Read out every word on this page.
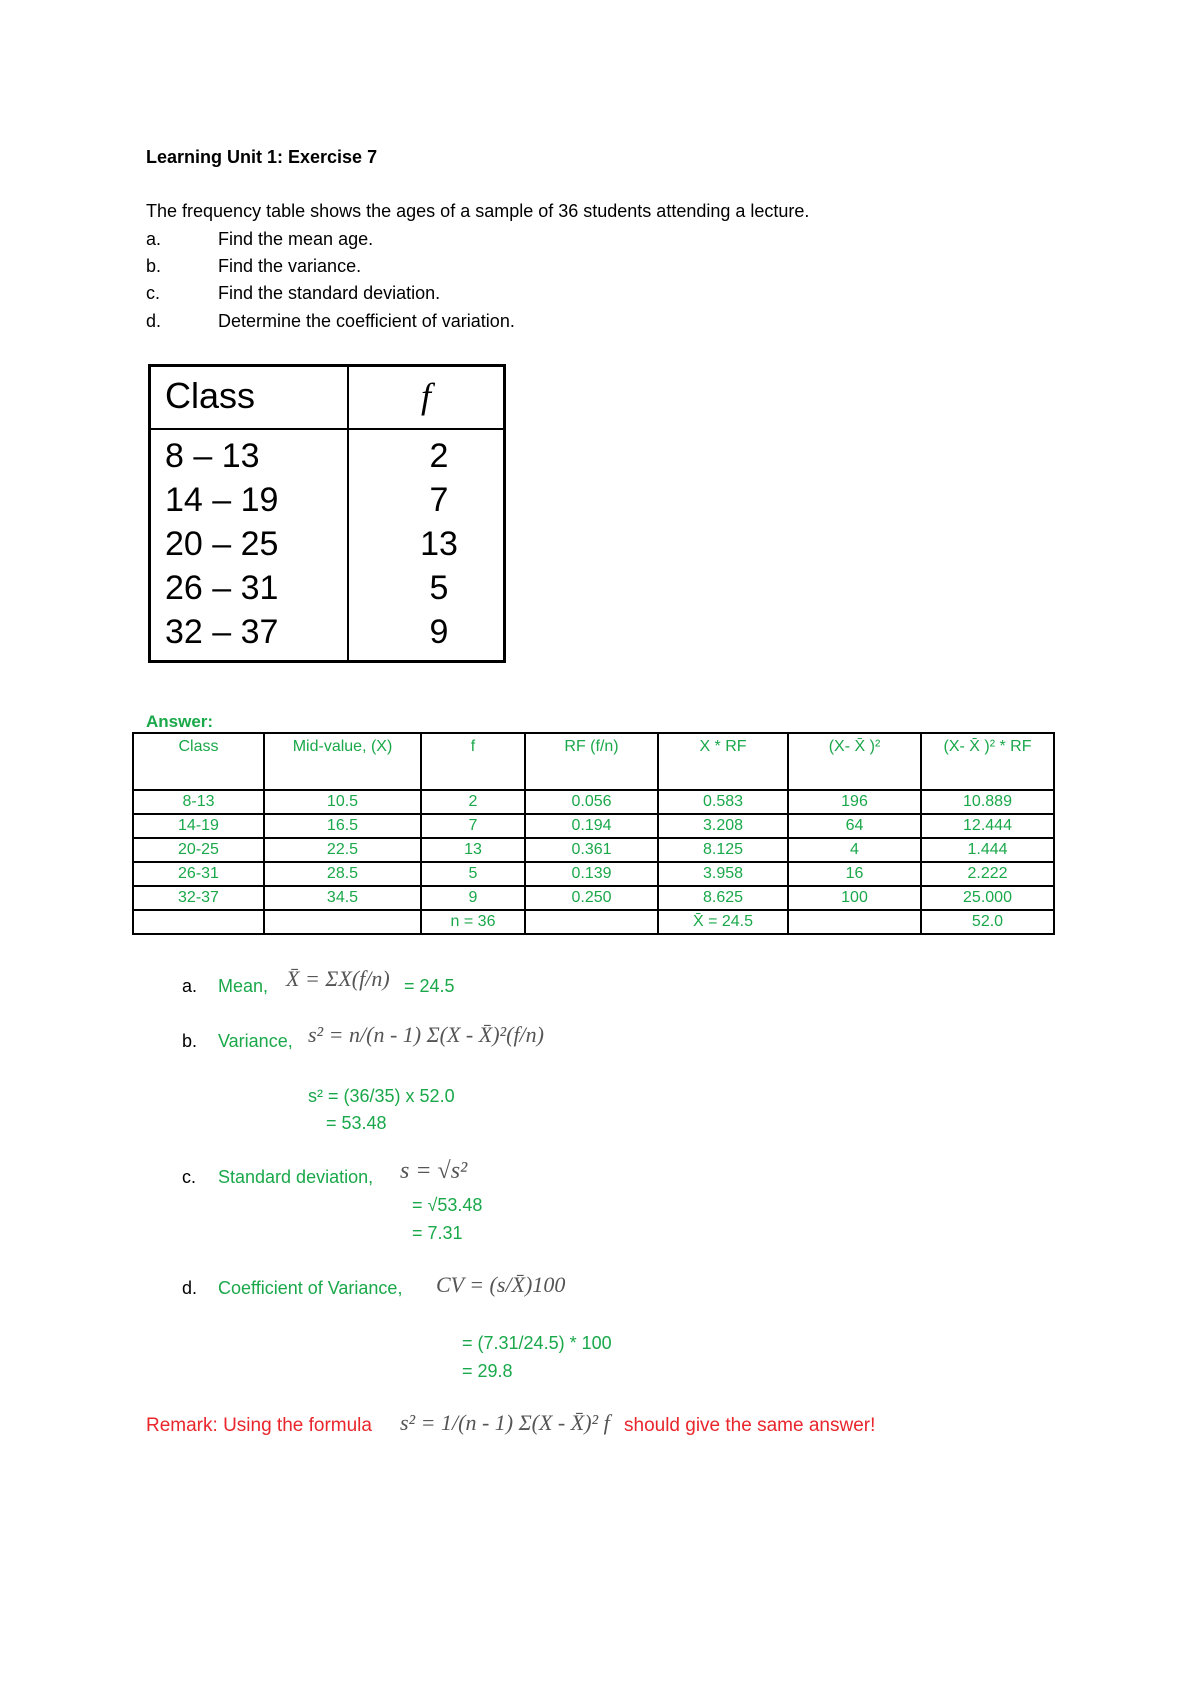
Learning Unit 1: Exercise 7
The frequency table shows the ages of a sample of 36 students attending a lecture.
a.	Find the mean age.
b.	Find the variance.
c.	Find the standard deviation.
d.	Determine the coefficient of variation.
Class	f
8 – 13	2
14 – 19	7
20 – 25	13
26 – 31	5
32 – 37	9
Answer:
Class	Mid-value, (X)	f	RF (f/n)	X * RF	(X- X̄ )²	(X- X̄ )² * RF
8-13	10.5	2	0.056	0.583	196	10.889
14-19	16.5	7	0.194	3.208	64	12.444
20-25	22.5	13	0.361	8.125	4	1.444
26-31	28.5	5	0.139	3.958	16	2.222
32-37	34.5	9	0.250	8.625	100	25.000
		n = 36		X̄ = 24.5		52.0
a. Mean, X̄ = ΣX(f/n) = 24.5
b. Variance, s² = n/(n - 1) Σ(X - X̄)²(f/n)
s² = (36/35) x 52.0
= 53.48
c. Standard deviation, s = √s²
= √53.48
= 7.31
d. Coefficient of Variance, CV = (s/X̄)100
= (7.31/24.5) * 100
= 29.8
Remark: Using the formula s² = 1/(n - 1) Σ(X - X̄)² f should give the same answer!
